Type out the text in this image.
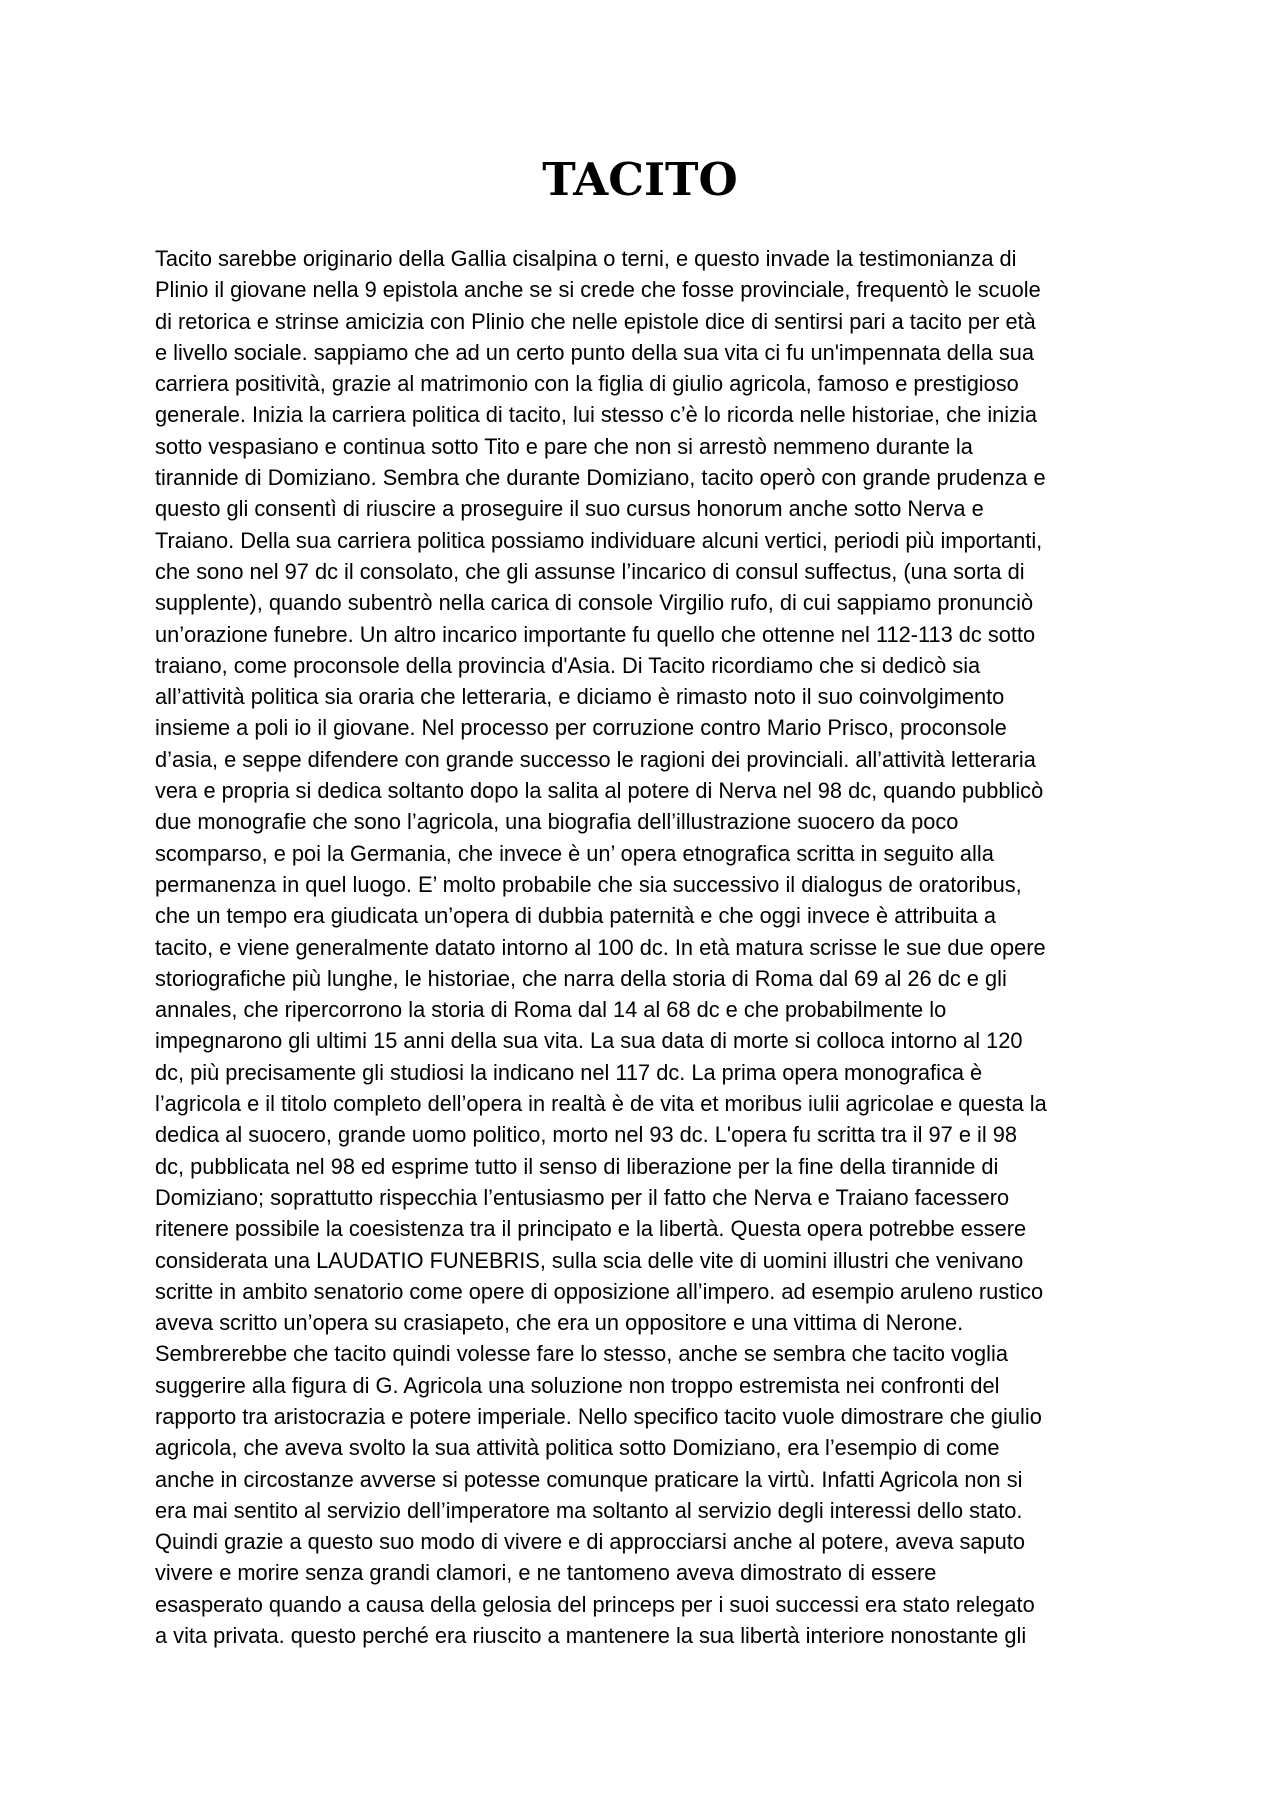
TACITO
Tacito sarebbe originario della Gallia cisalpina o terni, e questo invade la testimonianza di
Plinio il giovane nella 9 epistola anche se si crede che fosse provinciale, frequentò le scuole
di retorica e strinse amicizia con Plinio che nelle epistole dice di sentirsi pari a tacito per età
e livello sociale. sappiamo che ad un certo punto della sua vita ci fu un'impennata della sua
carriera positività, grazie al matrimonio con la figlia di giulio agricola, famoso e prestigioso
generale. Inizia la carriera politica di tacito, lui stesso c’è lo ricorda nelle historiae, che inizia
sotto vespasiano e continua sotto Tito e pare che non si arrestò nemmeno durante la
tirannide di Domiziano. Sembra che durante Domiziano, tacito operò con grande prudenza e
questo gli consentì di riuscire a proseguire il suo cursus honorum anche sotto Nerva e
Traiano. Della sua carriera politica possiamo individuare alcuni vertici, periodi più importanti,
che sono nel 97 dc il consolato, che gli assunse l’incarico di consul suffectus, (una sorta di
supplente), quando subentrò nella carica di console Virgilio rufo, di cui sappiamo pronunciò
un’orazione funebre. Un altro incarico importante fu quello che ottenne nel 112-113 dc sotto
traiano, come proconsole della provincia d'Asia. Di Tacito ricordiamo che si dedicò sia
all’attività politica sia oraria che letteraria, e diciamo è rimasto noto il suo coinvolgimento
insieme a poli io il giovane. Nel processo per corruzione contro Mario Prisco, proconsole
d’asia, e seppe difendere con grande successo le ragioni dei provinciali. all’attività letteraria
vera e propria si dedica soltanto dopo la salita al potere di Nerva nel 98 dc, quando pubblicò
due monografie che sono l’agricola, una biografia dell’illustrazione suocero da poco
scomparso, e poi la Germania, che invece è un’ opera etnografica scritta in seguito alla
permanenza in quel luogo. E’ molto probabile che sia successivo il dialogus de oratoribus,
che un tempo era giudicata un’opera di dubbia paternità e che oggi invece è attribuita a
tacito, e viene generalmente datato intorno al 100 dc. In età matura scrisse le sue due opere
storiografiche più lunghe, le historiae, che narra della storia di Roma dal 69 al 26 dc e gli
annales, che ripercorrono la storia di Roma dal 14 al 68 dc e che probabilmente lo
impegnarono gli ultimi 15 anni della sua vita. La sua data di morte si colloca intorno al 120
dc, più precisamente gli studiosi la indicano nel 117 dc. La prima opera monografica è
l’agricola e il titolo completo dell’opera in realtà è de vita et moribus iulii agricolae e questa la
dedica al suocero, grande uomo politico, morto nel 93 dc. L'opera fu scritta tra il 97 e il 98
dc, pubblicata nel 98 ed esprime tutto il senso di liberazione per la fine della tirannide di
Domiziano; soprattutto rispecchia l’entusiasmo per il fatto che Nerva e Traiano facessero
ritenere possibile la coesistenza tra il principato e la libertà. Questa opera potrebbe essere
considerata una LAUDATIO FUNEBRIS, sulla scia delle vite di uomini illustri che venivano
scritte in ambito senatorio come opere di opposizione all’impero. ad esempio aruleno rustico
aveva scritto un’opera su crasiapeto, che era un oppositore e una vittima di Nerone.
Sembrerebbe che tacito quindi volesse fare lo stesso, anche se sembra che tacito voglia
suggerire alla figura di G. Agricola una soluzione non troppo estremista nei confronti del
rapporto tra aristocrazia e potere imperiale. Nello specifico tacito vuole dimostrare che giulio
agricola, che aveva svolto la sua attività politica sotto Domiziano, era l’esempio di come
anche in circostanze avverse si potesse comunque praticare la virtù. Infatti Agricola non si
era mai sentito al servizio dell’imperatore ma soltanto al servizio degli interessi dello stato.
Quindi grazie a questo suo modo di vivere e di approcciarsi anche al potere, aveva saputo
vivere e morire senza grandi clamori, e ne tantomeno aveva dimostrato di essere
esasperato quando a causa della gelosia del princeps per i suoi successi era stato relegato
a vita privata. questo perché era riuscito a mantenere la sua libertà interiore nonostante gli
